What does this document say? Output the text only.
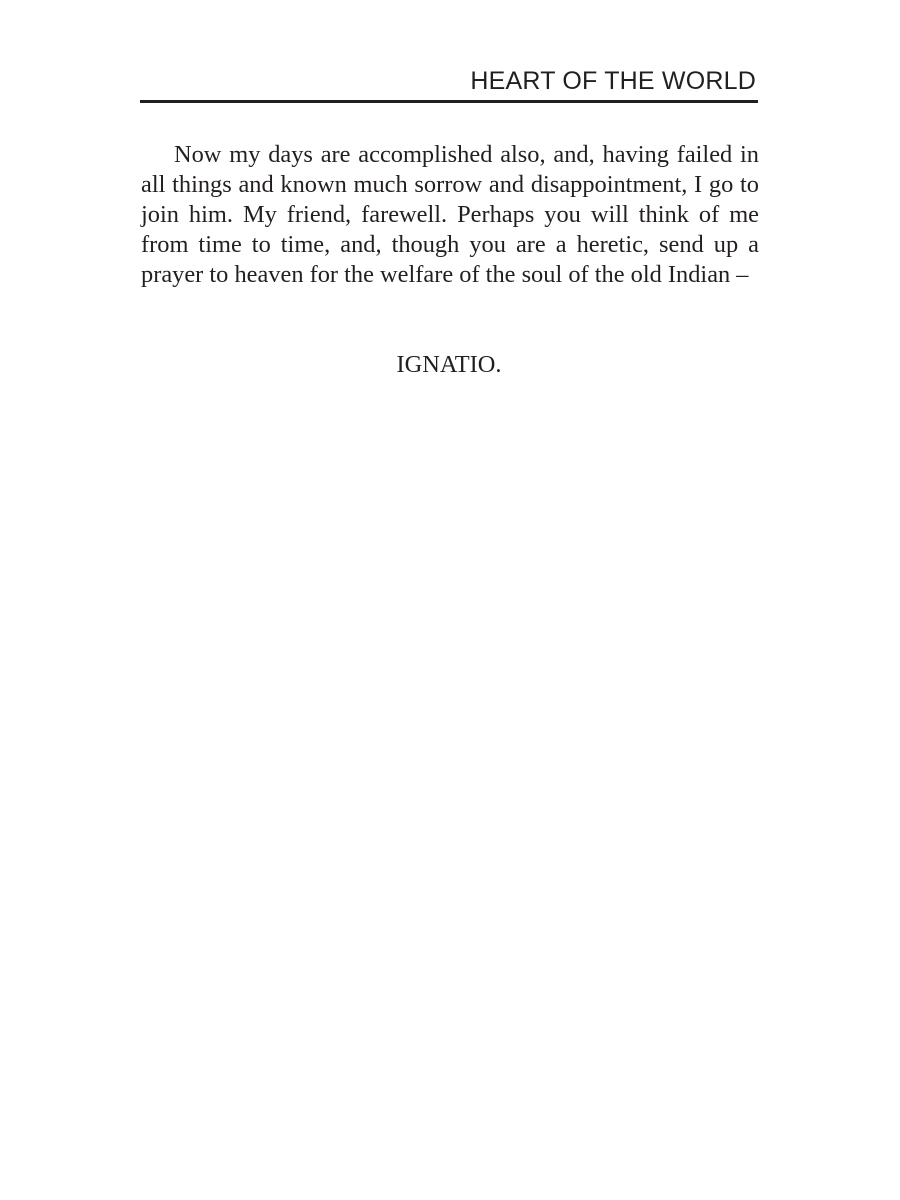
HEART OF THE WORLD

Now my days are accomplished also, and, having failed in all things and known much sorrow and disappointment, I go to join him. My friend, farewell. Perhaps you will think of me from time to time, and, though you are a heretic, send up a prayer to heaven for the welfare of the soul of the old Indian –

IGNATIO.
